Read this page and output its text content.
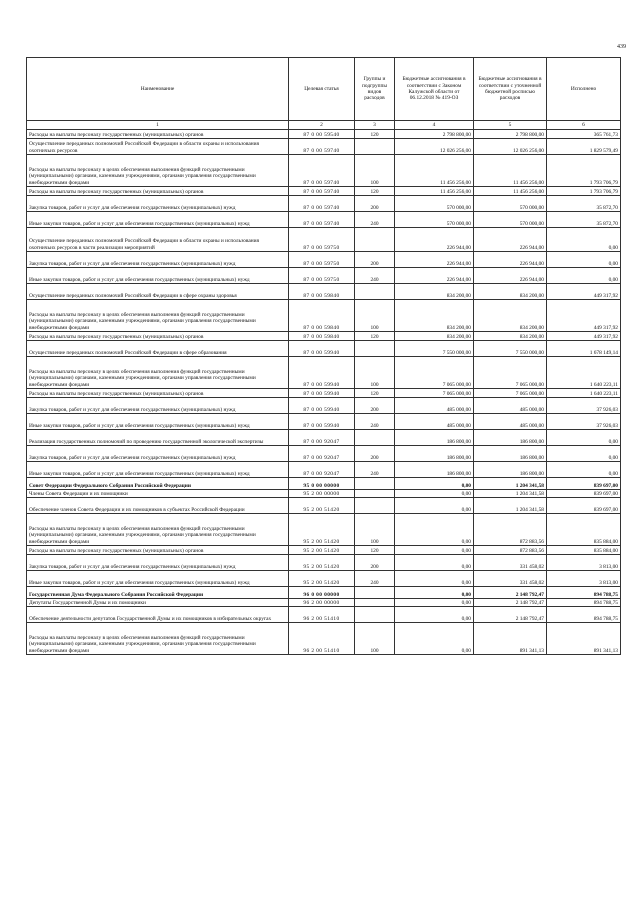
439
Наименование	Целевая статья	Группы и подгруппы видов расходов	Бюджетные ассигнования в соответствии с Законом Калужской области от 06.12.2018 № 419-ОЗ	Бюджетные ассигнования в соответствии с уточненной бюджетной росписью расходов	Исполнено
1	2	3	4	5	6
Расходы на выплаты персоналу государственных (муниципальных) органов	87 0 00 59540	120	2 798 800,00	2 798 800,00	365 761,73
Осуществление переданных полномочий Российской Федерации в области охраны и использования охотничьих ресурсов	87 0 00 59740		12 026 256,00	12 026 256,00	1 829 579,49
Расходы на выплаты персоналу в целях обеспечения выполнения функций государственными (муниципальными) органами, казенными учреждениями, органами управления государственными внебюджетными фондами	87 0 00 59740	100	11 456 256,00	11 456 256,00	1 793 706,79
Расходы на выплаты персоналу государственных (муниципальных) органов	87 0 00 59740	120	11 456 256,00	11 456 256,00	1 793 706,79
Закупка товаров, работ и услуг для обеспечения государственных (муниципальных) нужд	87 0 00 59740	200	570 000,00	570 000,00	35 872,70
Иные закупки товаров, работ и услуг для обеспечения государственных (муниципальных) нужд	87 0 00 59740	240	570 000,00	570 000,00	35 872,70
Осуществление переданных полномочий Российской Федерации в области охраны и использования охотничьих ресурсов в части реализации мероприятий	87 0 00 59750		226 944,00	226 944,00	0,00
Закупка товаров, работ и услуг для обеспечения государственных (муниципальных) нужд	87 0 00 59750	200	226 944,00	226 944,00	0,00
Иные закупки товаров, работ и услуг для обеспечения государственных (муниципальных) нужд	87 0 00 59750	240	226 944,00	226 944,00	0,00
Осуществление переданных полномочий Российской Федерации в сфере охраны здоровья	87 0 00 59840		834 200,00	834 200,00	449 317,92
Расходы на выплаты персоналу в целях обеспечения выполнения функций государственными (муниципальными) органами, казенными учреждениями, органами управления государственными внебюджетными фондами	87 0 00 59840	100	834 200,00	834 200,00	449 317,92
Расходы на выплаты персоналу государственных (муниципальных) органов	87 0 00 59840	120	834 200,00	834 200,00	449 317,92
Осуществление переданных полномочий Российской Федерации в сфере образования	87 0 00 59940		7 550 000,00	7 550 000,00	1 678 149,14
Расходы на выплаты персоналу в целях обеспечения выполнения функций государственными (муниципальными) органами, казенными учреждениями, органами управления государственными внебюджетными фондами	87 0 00 59940	100	7 065 000,00	7 065 000,00	1 640 223,11
Расходы на выплаты персоналу государственных (муниципальных) органов	87 0 00 59940	120	7 065 000,00	7 065 000,00	1 640 223,11
Закупка товаров, работ и услуг для обеспечения государственных (муниципальных) нужд	87 0 00 59940	200	485 000,00	485 000,00	37 926,03
Иные закупки товаров, работ и услуг для обеспечения государственных (муниципальных) нужд	87 0 00 59940	240	485 000,00	485 000,00	37 926,03
Реализация государственных полномочий по проведению государственной экологической экспертизы	87 0 00 92047		186 800,00	186 800,00	0,00
Закупка товаров, работ и услуг для обеспечения государственных (муниципальных) нужд	87 0 00 92047	200	186 800,00	186 800,00	0,00
Иные закупки товаров, работ и услуг для обеспечения государственных (муниципальных) нужд	87 0 00 92047	240	186 800,00	186 800,00	0,00
Совет Федерации Федерального Собрания Российской Федерации	95 0 00 00000		0,00	1 204 341,58	839 697,00
Члены Совета Федерации и их помощники	95 2 00 00000		0,00	1 204 341,58	839 697,00
Обеспечение членов Совета Федерации и их помощников в субъектах Российской Федерации	95 2 00 51420		0,00	1 204 341,58	839 697,00
Расходы на выплаты персоналу в целях обеспечения выполнения функций государственными (муниципальными) органами, казенными учреждениями, органами управления государственными внебюджетными фондами	95 2 00 51420	100	0,00	872 883,56	835 884,00
Расходы на выплаты персоналу государственных (муниципальных) органов	95 2 00 51420	120	0,00	872 883,56	835 884,00
Закупка товаров, работ и услуг для обеспечения государственных (муниципальных) нужд	95 2 00 51420	200	0,00	331 458,02	3 813,00
Иные закупки товаров, работ и услуг для обеспечения государственных (муниципальных) нужд	95 2 00 51420	240	0,00	331 458,02	3 813,00
Государственная Дума Федерального Собрания Российской Федерации	96 0 00 00000		0,00	2 148 792,47	894 788,75
Депутаты Государственной Думы и их помощники	96 2 00 00000		0,00	2 148 792,47	894 788,75
Обеспечение деятельности депутатов Государственной Думы и их помощников в избирательных округах	96 2 00 51410		0,00	2 148 792,47	894 788,75
Расходы на выплаты персоналу в целях обеспечения выполнения функций государственными (муниципальными) органами, казенными учреждениями, органами управления государственными внебюджетными фондами	96 2 00 51410	100	0,00	891 341,13	891 341,13
